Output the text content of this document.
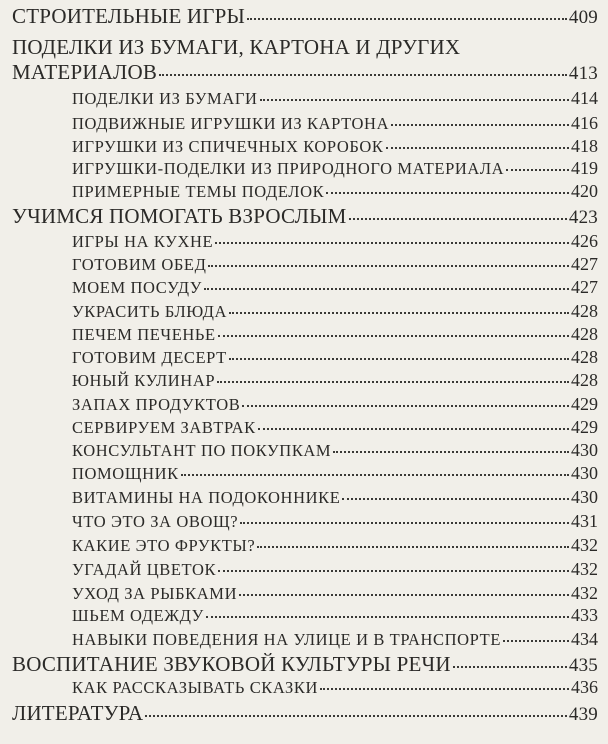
СТРОИТЕЛЬНЫЕ ИГРЫ	409
ПОДЕЛКИ ИЗ БУМАГИ, КАРТОНА И ДРУГИХ
МАТЕРИАЛОВ	413
ПОДЕЛКИ ИЗ БУМАГИ	414
ПОДВИЖНЫЕ ИГРУШКИ ИЗ КАРТОНА	416
ИГРУШКИ ИЗ СПИЧЕЧНЫХ КОРОБОК	418
ИГРУШКИ-ПОДЕЛКИ ИЗ ПРИРОДНОГО МАТЕРИАЛА	419
ПРИМЕРНЫЕ ТЕМЫ ПОДЕЛОК	420
УЧИМСЯ ПОМОГАТЬ ВЗРОСЛЫМ	423
ИГРЫ НА КУХНЕ	426
ГОТОВИМ ОБЕД	427
МОЕМ ПОСУДУ	427
УКРАСИТЬ БЛЮДА	428
ПЕЧЕМ ПЕЧЕНЬЕ	428
ГОТОВИМ ДЕСЕРТ	428
ЮНЫЙ КУЛИНАР	428
ЗАПАХ ПРОДУКТОВ	429
СЕРВИРУЕМ ЗАВТРАК	429
КОНСУЛЬТАНТ ПО ПОКУПКАМ	430
ПОМОЩНИК	430
ВИТАМИНЫ НА ПОДОКОННИКЕ	430
ЧТО ЭТО ЗА ОВОЩ?	431
КАКИЕ ЭТО ФРУКТЫ?	432
УГАДАЙ ЦВЕТОК	432
УХОД ЗА РЫБКАМИ	432
ШЬЕМ ОДЕЖДУ	433
НАВЫКИ ПОВЕДЕНИЯ НА УЛИЦЕ И В ТРАНСПОРТЕ	434
ВОСПИТАНИЕ ЗВУКОВОЙ КУЛЬТУРЫ РЕЧИ	435
КАК РАССКАЗЫВАТЬ СКАЗКИ	436
ЛИТЕРАТУРА	439
